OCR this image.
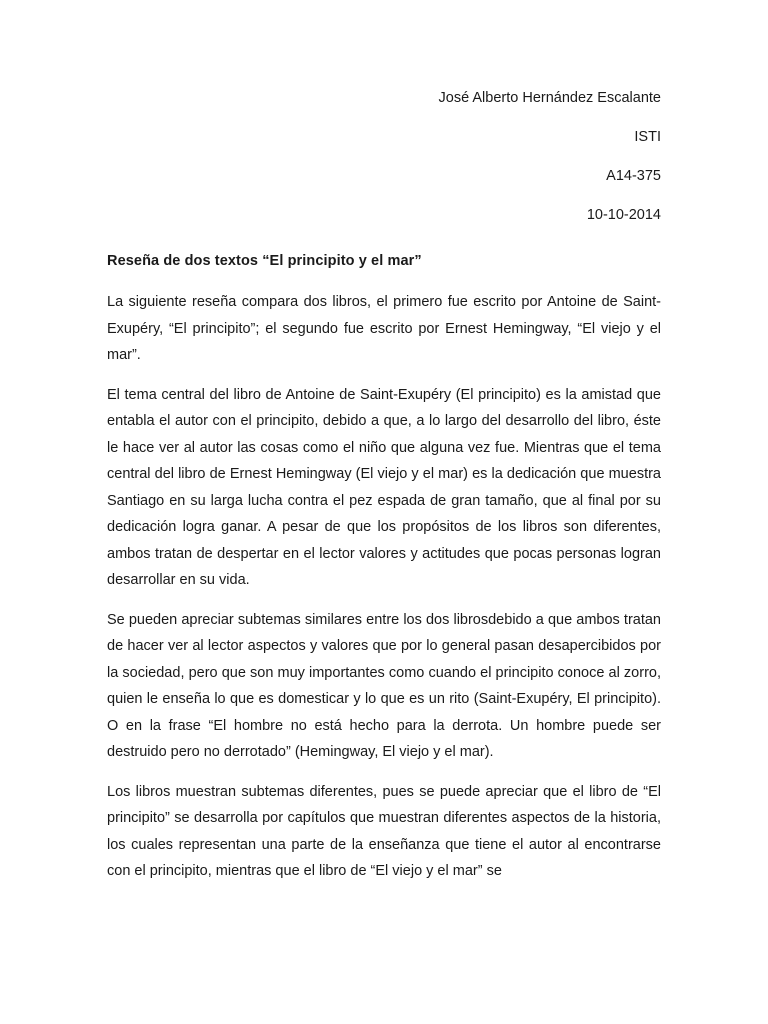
José Alberto Hernández Escalante
ISTI
A14-375
10-10-2014
Reseña de dos textos “El principito y el mar”

La siguiente reseña compara dos libros, el primero fue escrito por Antoine de Saint-Exupéry, “El principito”; el segundo fue escrito por Ernest Hemingway, “El viejo y el mar”.

El tema central del libro de Antoine de Saint-Exupéry (El principito) es la amistad que entabla el autor con el principito, debido a que, a lo largo del desarrollo del libro, éste le hace ver al autor las cosas como el niño que alguna vez fue. Mientras que el tema central del libro de Ernest Hemingway (El viejo y el mar) es la dedicación que muestra Santiago en su larga lucha contra el pez espada de gran tamaño, que al final por su dedicación logra ganar. A pesar de que los propósitos de los libros son diferentes, ambos tratan de despertar en el lector valores y actitudes que pocas personas logran desarrollar en su vida.

Se pueden apreciar subtemas similares entre los dos librosdebido a que ambos tratan de hacer ver al lector aspectos y valores que por lo general pasan desapercibidos por la sociedad, pero que son muy importantes como cuando el principito conoce al zorro, quien le enseña lo que es domesticar y lo que es un rito (Saint-Exupéry, El principito). O en la frase “El hombre no está hecho para la derrota. Un hombre puede ser destruido pero no derrotado” (Hemingway, El viejo y el mar).

Los libros muestran subtemas diferentes, pues se puede apreciar que el libro de “El principito” se desarrolla por capítulos que muestran diferentes aspectos de la historia, los cuales representan una parte de la enseñanza que tiene el autor al encontrarse con el principito, mientras que el libro de “El viejo y el mar” se
